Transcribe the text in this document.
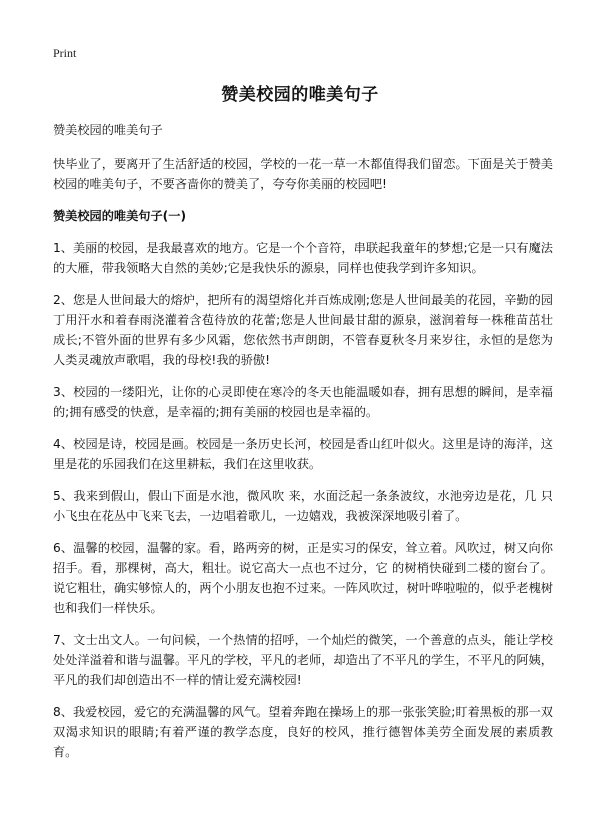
Print
赞美校园的唯美句子

赞美校园的唯美句子

快毕业了，要离开了生活舒适的校园，学校的一花一草一木都值得我们留恋。下面是关于赞美校园的唯美句子，不要吝啬你的赞美了，夸夸你美丽的校园吧!

赞美校园的唯美句子(一)

1、美丽的校园，是我最喜欢的地方。它是一个个音符，串联起我童年的梦想;它是一只有魔法的大雁，带我领略大自然的美妙;它是我快乐的源泉，同样也使我学到许多知识。

2、您是人世间最大的熔炉，把所有的渴望熔化并百炼成刚;您是人世间最美的花园，辛勤的园丁用汗水和着春雨浇灌着含苞待放的花蕾;您是人世间最甘甜的源泉，滋润着每一株稚苗茁壮成长;不管外面的世界有多少风霜，您依然书声朗朗，不管春夏秋冬月来岁往，永恒的是您为人类灵魂放声歌唱，我的母校!我的骄傲!

3、校园的一缕阳光，让你的心灵即使在寒冷的冬天也能温暖如春，拥有思想的瞬间，是幸福的;拥有感受的快意，是幸福的;拥有美丽的校园也是幸福的。

4、校园是诗，校园是画。校园是一条历史长河，校园是香山红叶似火。这里是诗的海洋，这里是花的乐园我们在这里耕耘，我们在这里收获。

5、我来到假山，假山下面是水池，微风吹 来，水面泛起一条条波纹，水池旁边是花，几 只小飞虫在花丛中飞来飞去，一边唱着歌儿，一边嬉戏，我被深深地吸引着了。

6、温馨的校园，温馨的家。看，路两旁的树，正是实习的保安，耸立着。风吹过，树又向你招手。看，那棵树，高大，粗壮。说它高大一点也不过分，它 的树梢快碰到二楼的窗台了。说它粗壮，确实够惊人的，两个小朋友也抱不过来。一阵风吹过，树叶哗啦啦的，似乎老槐树也和我们一样快乐。

7、文士出文人。一句问候，一个热情的招呼，一个灿烂的微笑，一个善意的点头，能让学校处处洋溢着和谐与温馨。平凡的学校，平凡的老师，却造出了不平凡的学生，不平凡的阿姨，平凡的我们却创造出不一样的情让爱充满校园!

8、我爱校园，爱它的充满温馨的风气。望着奔跑在操场上的那一张张笑脸;盯着黑板的那一双双渴求知识的眼睛;有着严谨的教学态度，良好的校风，推行德智体美劳全面发展的素质教育。
